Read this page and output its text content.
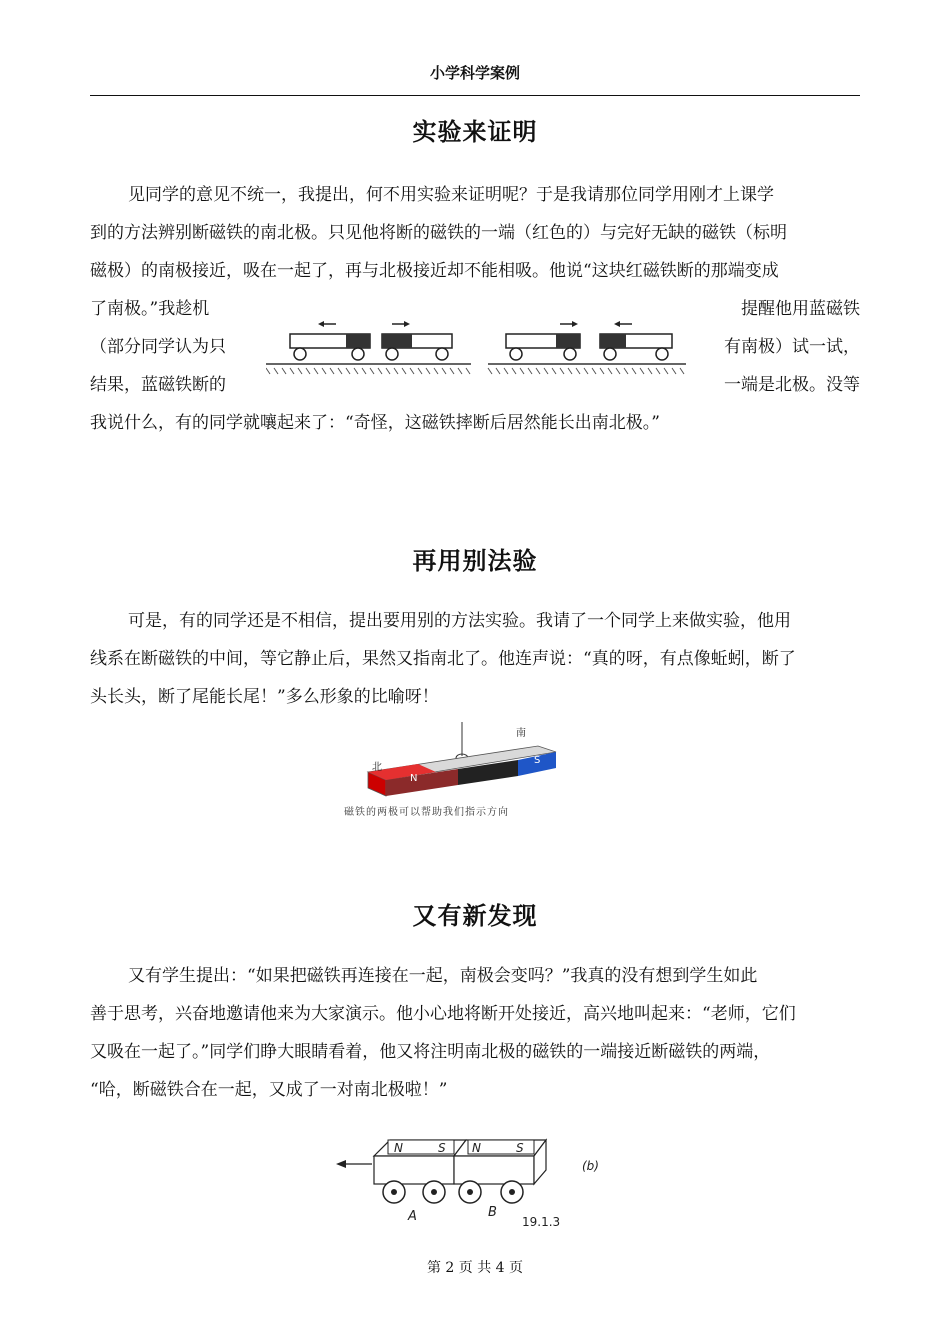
小学科学案例
实验来证明
见同学的意见不统一，我提出，何不用实验来证明呢？于是我请那位同学用刚才上课学
到的方法辨别断磁铁的南北极。只见他将断的磁铁的一端（红色的）与完好无缺的磁铁（标明
磁极）的南极接近，吸在一起了，再与北极接近却不能相吸。他说“这块红磁铁断的那端变成
了南极。”我趁机	提醒他用蓝磁铁
（部分同学认为只	有南极）试一试，
结果，蓝磁铁断的	一端是北极。没等
我说什么，有的同学就嚷起来了：“奇怪，这磁铁摔断后居然能长出南北极。”
再用别法验
可是，有的同学还是不相信，提出要用别的方法实验。我请了一个同学上来做实验，他用
线系在断磁铁的中间，等它静止后，果然又指南北了。他连声说：“真的呀，有点像蚯蚓，断了
头长头，断了尾能长尾！”多么形象的比喻呀！
N
S
北
南
磁铁的两极可以帮助我们指示方向
又有新发现
又有学生提出：“如果把磁铁再连接在一起，南极会变吗？”我真的没有想到学生如此
善于思考，兴奋地邀请他来为大家演示。他小心地将断开处接近，高兴地叫起来：“老师，它们
又吸在一起了。”同学们睁大眼睛看着，他又将注明南北极的磁铁的一端接近断磁铁的两端，
“哈，断磁铁合在一起，又成了一对南北极啦！”
N	S N	S
A	B
19.1.3
(b)
第 2 页 共 4 页
